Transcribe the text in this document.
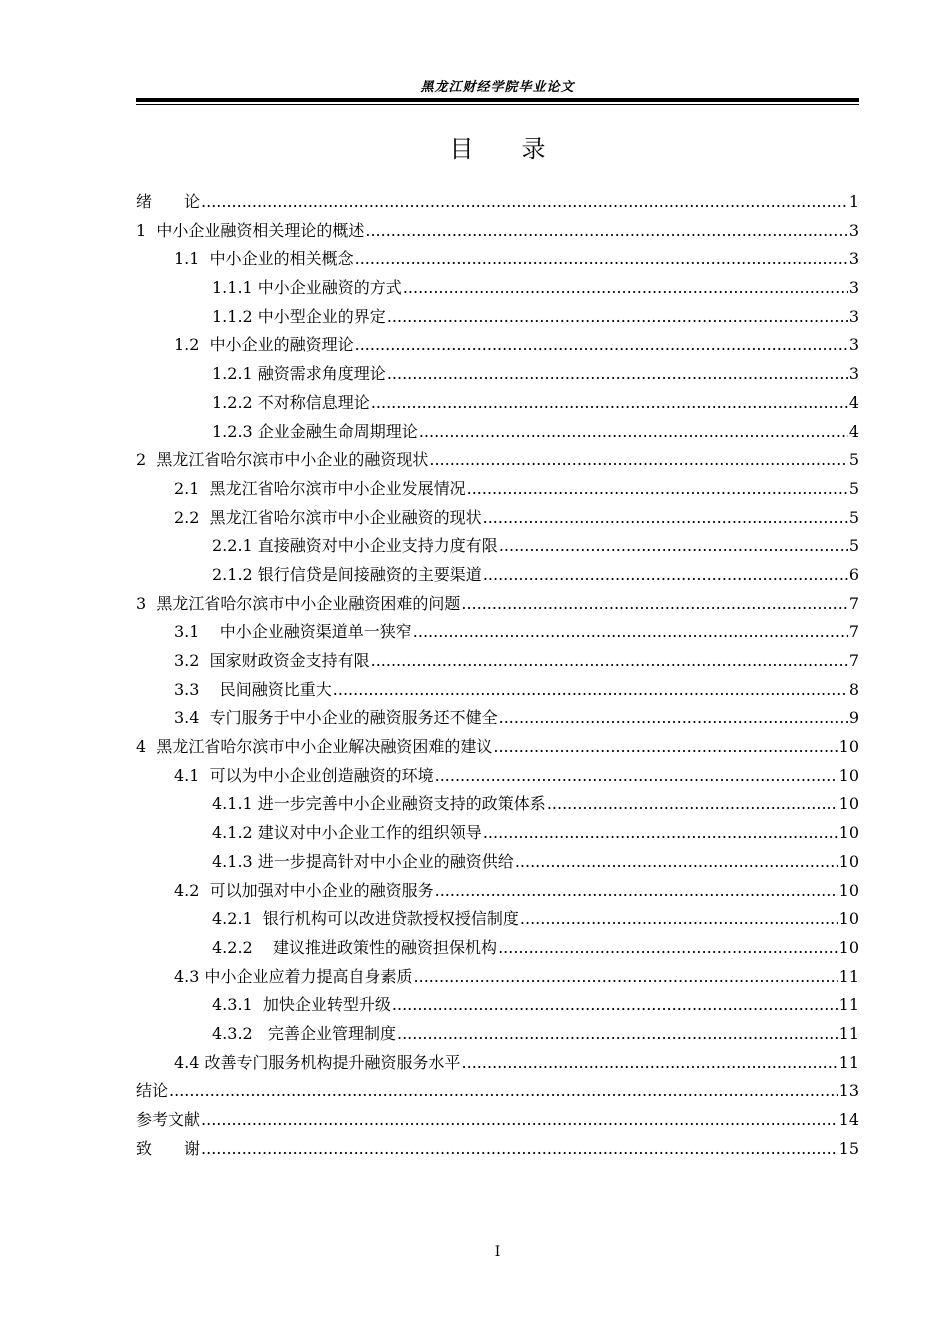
黑龙江财经学院毕业论文
目 录
绪　　论 .....	1
1  中小企业融资相关理论的概述 .....	3
1.1  中小企业的相关概念 .....	3
1.1.1 中小企业融资的方式 .....	3
1.1.2 中小型企业的界定 .....	3
1.2  中小企业的融资理论 .....	3
1.2.1 融资需求角度理论 .....	3
1.2.2 不对称信息理论 .....	4
1.2.3 企业金融生命周期理论 .....	4
2  黑龙江省哈尔滨市中小企业的融资现状 .....	5
2.1  黑龙江省哈尔滨市中小企业发展情况 .....	5
2.2  黑龙江省哈尔滨市中小企业融资的现状 .....	5
2.2.1 直接融资对中小企业支持力度有限 .....	5
2.1.2 银行信贷是间接融资的主要渠道 .....	6
3  黑龙江省哈尔滨市中小企业融资困难的问题 .....	7
3.1    中小企业融资渠道单一狭窄 .....	7
3.2  国家财政资金支持有限 .....	7
3.3    民间融资比重大 .....	8
3.4  专门服务于中小企业的融资服务还不健全 .....	9
4  黑龙江省哈尔滨市中小企业解决融资困难的建议 .....	10
4.1  可以为中小企业创造融资的环境 .....	10
4.1.1 进一步完善中小企业融资支持的政策体系 .....	10
4.1.2 建议对中小企业工作的组织领导 .....	10
4.1.3 进一步提高针对中小企业的融资供给 .....	10
4.2  可以加强对中小企业的融资服务 .....	10
4.2.1  银行机构可以改进贷款授权授信制度 .....	10
4.2.2    建议推进政策性的融资担保机构 .....	10
4.3 中小企业应着力提高自身素质 .....	11
4.3.1  加快企业转型升级 .....	11
4.3.2   完善企业管理制度 .....	11
4.4 改善专门服务机构提升融资服务水平 .....	11
结论 .....	13
参考文献 .....	14
致　　谢 .....	15
I
